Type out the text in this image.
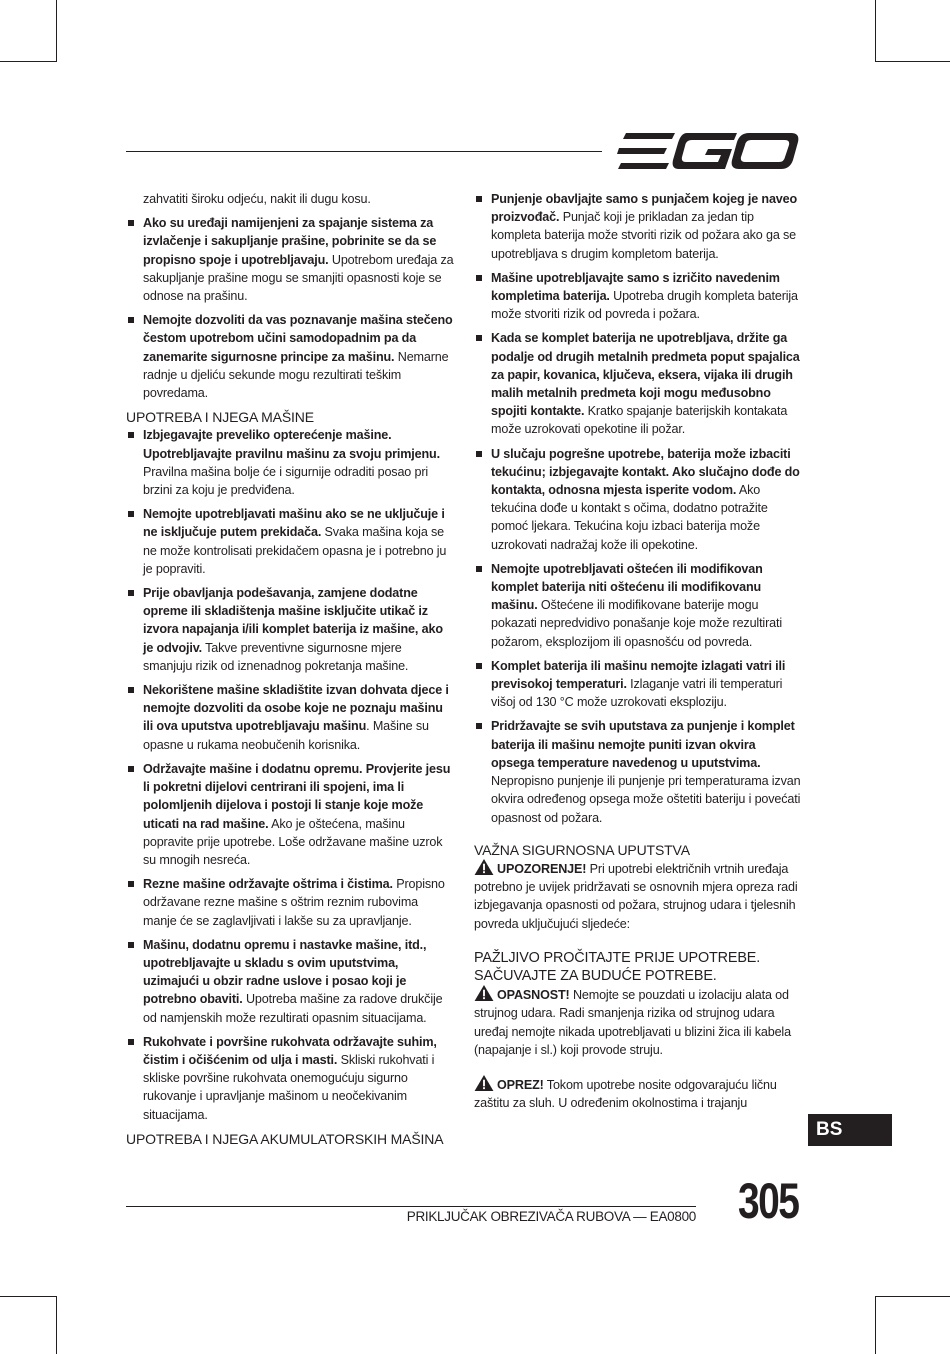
zahvatiti široku odjeću, nakit ili dugu kosu.

Ako su uređaji namijenjeni za spajanje sistema za izvlačenje i sakupljanje prašine, pobrinite se da se propisno spoje i upotrebljavaju. Upotrebom uređaja za sakupljanje prašine mogu se smanjiti opasnosti koje se odnose na prašinu.
Nemojte dozvoliti da vas poznavanje mašina stečeno čestom upotrebom učini samodopadnim pa da zanemarite sigurnosne principe za mašinu. Nemarne radnje u djeliću sekunde mogu rezultirati teškim povredama.

UPOTREBA I NJEGA MAŠINE

Izbjegavajte preveliko opterećenje mašine. Upotrebljavajte pravilnu mašinu za svoju primjenu. Pravilna mašina bolje će i sigurnije odraditi posao pri brzini za koju je predviđena.
Nemojte upotrebljavati mašinu ako se ne uključuje i ne isključuje putem prekidača. Svaka mašina koja se ne može kontrolisati prekidačem opasna je i potrebno ju je popraviti.
Prije obavljanja podešavanja, zamjene dodatne opreme ili skladištenja mašine isključite utikač iz izvora napajanja i/ili komplet baterija iz mašine, ako je odvojiv. Takve preventivne sigurnosne mjere smanjuju rizik od iznenadnog pokretanja mašine.
Nekorištene mašine skladištite izvan dohvata djece i nemojte dozvoliti da osobe koje ne poznaju mašinu ili ova uputstva upotrebljavaju mašinu. Mašine su opasne u rukama neobučenih korisnika.
Održavajte mašine i dodatnu opremu. Provjerite jesu li pokretni dijelovi centrirani ili spojeni, ima li polomljenih dijelova i postoji li stanje koje može uticati na rad mašine. Ako je oštećena, mašinu popravite prije upotrebe. Loše održavane mašine uzrok su mnogih nesreća.
Rezne mašine održavajte oštrima i čistima. Propisno održavane rezne mašine s oštrim reznim rubovima manje će se zaglavljivati i lakše su za upravljanje.
Mašinu, dodatnu opremu i nastavke mašine, itd., upotrebljavajte u skladu s ovim uputstvima, uzimajući u obzir radne uslove i posao koji je potrebno obaviti. Upotreba mašine za radove drukčije od namjenskih može rezultirati opasnim situacijama.
Rukohvate i površine rukohvata održavajte suhim, čistim i očišćenim od ulja i masti. Skliski rukohvati i skliske površine rukohvata onemogućuju sigurno rukovanje i upravljanje mašinom u neočekivanim situacijama.

UPOTREBA I NJEGA AKUMULATORSKIH MAŠINA

Punjenje obavljajte samo s punjačem kojeg je naveo proizvođač. Punjač koji je prikladan za jedan tip kompleta baterija može stvoriti rizik od požara ako ga se upotrebljava s drugim kompletom baterija.
Mašine upotrebljavajte samo s izričito navedenim kompletima baterija. Upotreba drugih kompleta baterija može stvoriti rizik od povreda i požara.
Kada se komplet baterija ne upotrebljava, držite ga podalje od drugih metalnih predmeta poput spajalica za papir, kovanica, ključeva, eksera, vijaka ili drugih malih metalnih predmeta koji mogu međusobno spojiti kontakte. Kratko spajanje baterijskih kontakata može uzrokovati opekotine ili požar.
U slučaju pogrešne upotrebe, baterija može izbaciti tekućinu; izbjegavajte kontakt. Ako slučajno dođe do kontakta, odnosna mjesta isperite vodom. Ako tekućina dođe u kontakt s očima, dodatno potražite pomoć ljekara. Tekućina koju izbaci baterija može uzrokovati nadražaj kože ili opekotine.
Nemojte upotrebljavati oštećen ili modifikovan komplet baterija niti oštećenu ili modifikovanu mašinu. Oštećene ili modifikovane baterije mogu pokazati nepredvidivo ponašanje koje može rezultirati požarom, eksplozijom ili opasnošću od povreda.
Komplet baterija ili mašinu nemojte izlagati vatri ili previsokoj temperaturi. Izlaganje vatri ili temperaturi višoj od 130 °C može uzrokovati eksploziju.
Pridržavajte se svih uputstava za punjenje i komplet baterija ili mašinu nemojte puniti izvan okvira opsega temperature navedenog u uputstvima. Nepropisno punjenje ili punjenje pri temperaturama izvan okvira određenog opsega može oštetiti bateriju i povećati opasnost od požara.

VAŽNA SIGURNOSNA UPUTSTVA

UPOZORENJE! Pri upotrebi električnih vrtnih uređaja potrebno je uvijek pridržavati se osnovnih mjera opreza radi izbjegavanja opasnosti od požara, strujnog udara i tjelesnih povreda uključujući sljedeće:

PAŽLJIVO PROČITAJTE PRIJE UPOTREBE.

SAČUVAJTE ZA BUDUĆE POTREBE.

OPASNOST! Nemojte se pouzdati u izolaciju alata od strujnog udara. Radi smanjenja rizika od strujnog udara uređaj nemojte nikada upotrebljavati u blizini žica ili kabela (napajanje i sl.) koji provode struju.

OPREZ! Tokom upotrebe nosite odgovarajuću ličnu zaštitu za sluh. U određenim okolnostima i trajanju

BS
PRIKLJUČAK OBREZIVAČA RUBOVA — EA0800 305
